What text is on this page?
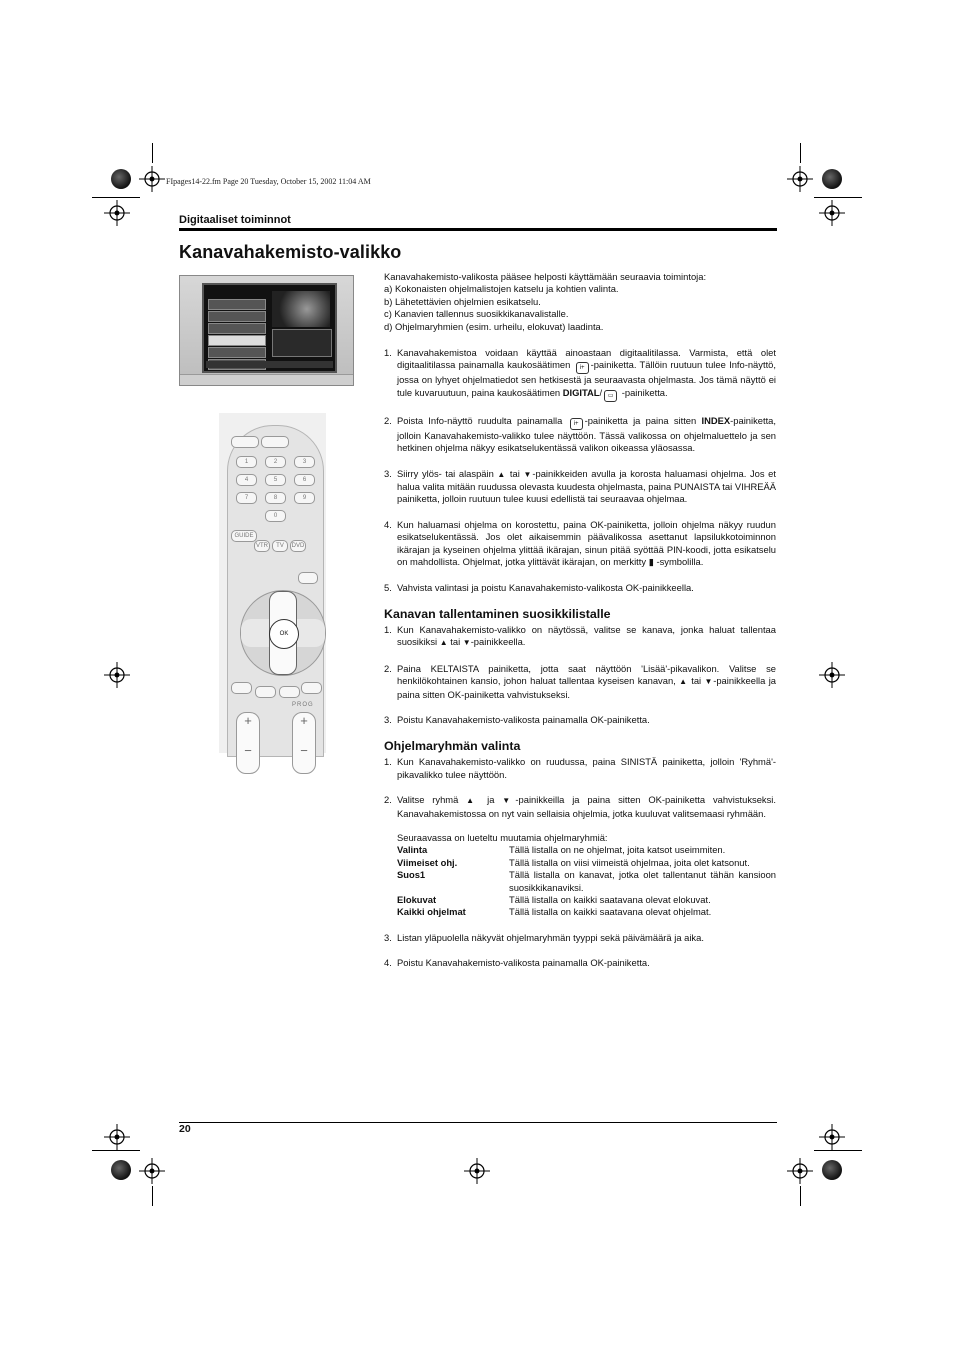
FIpages14-22.fm Page 20 Tuesday, October 15, 2002 11:04 AM
Digitaaliset toiminnot
Kanavahakemisto-valikko
1	2	3
4	5	6
7	8	9
0
GUIDE
VTR	TV	DVD
OK
PROG
+

−
+

−

Kanavahakemisto-valikosta pääsee helposti käyttämään seuraavia toimintoja:

a) Kokonaisten ohjelmalistojen katselu ja kohtien valinta.

b) Lähetettävien ohjelmien esikatselu.

c) Kanavien tallennus suosikkikanavalistalle.

d) Ohjelmaryhmien (esim. urheilu, elokuvat) laadinta.

1. Kanavahakemistoa voidaan käyttää ainoastaan digitaalitilassa. Varmista, että olet digitaalitilassa painamalla kaukosäätimen i+ -painiketta. Tällöin ruutuun tulee Info-näyttö, jossa on lyhyet ohjelmatiedot sen hetkisestä ja seuraavasta ohjelmasta. Jos tämä näyttö ei tule kuvaruutuun, paina kaukosäätimen DIGITAL/ ▭ -painiketta.
2. Poista Info-näyttö ruudulta painamalla i+ -painiketta ja paina sitten INDEX-painiketta, jolloin Kanavahakemisto-valikko tulee näyttöön. Tässä valikossa on ohjelmaluettelo ja sen hetkinen ohjelma näkyy esikatselukentässä valikon oikeassa yläosassa.
3. Siirry ylös- tai alaspäin ▲ tai ▼-painikkeiden avulla ja korosta haluamasi ohjelma. Jos et halua valita mitään ruudussa olevasta kuudesta ohjelmasta, paina PUNAISTA tai VIHREÄÄ painiketta, jolloin ruutuun tulee kuusi edellistä tai seuraavaa ohjelmaa.
4. Kun haluamasi ohjelma on korostettu, paina OK-painiketta, jolloin ohjelma näkyy ruudun esikatselukentässä. Jos olet aikaisemmin päävalikossa asettanut lapsilukkotoiminnon ikärajan ja kyseinen ohjelma ylittää ikärajan, sinun pitää syöttää PIN-koodi, jotta esikatselu on mahdollista. Ohjelmat, jotka ylittävät ikärajan, on merkitty ▮ -symbolilla.
5. Vahvista valintasi ja poistu Kanavahakemisto-valikosta OK-painikkeella.
Kanavan tallentaminen suosikkilistalle
1. Kun Kanavahakemisto-valikko on näytössä, valitse se kanava, jonka haluat tallentaa suosikiksi ▲ tai ▼-painikkeella.
2. Paina KELTAISTA painiketta, jotta saat näyttöön 'Lisää'-pikavalikon. Valitse se henkilökohtainen kansio, johon haluat tallentaa kyseisen kanavan, ▲ tai ▼-painikkeella ja paina sitten OK-painiketta vahvistukseksi.
3. Poistu Kanavahakemisto-valikosta painamalla OK-painiketta.
Ohjelmaryhmän valinta
1. Kun Kanavahakemisto-valikko on ruudussa, paina SINISTÄ painiketta, jolloin 'Ryhmä'-pikavalikko tulee näyttöön.
2. Valitse ryhmä ▲ ja ▼-painikkeilla ja paina sitten OK-painiketta vahvistukseksi. Kanavahakemistossa on nyt vain sellaisia ohjelmia, jotka kuuluvat valitsemaasi ryhmään.
Seuraavassa on lueteltu muutamia ohjelmaryhmiä:
Valinta	Tällä listalla on ne ohjelmat, joita katsot useimmiten.
Viimeiset ohj.	Tällä listalla on viisi viimeistä ohjelmaa, joita olet katsonut.
Suos1	Tällä listalla on kanavat, jotka olet tallentanut tähän kansioon suosikkikanaviksi.
Elokuvat	Tällä listalla on kaikki saatavana olevat elokuvat.
Kaikki ohjelmat	Tällä listalla on kaikki saatavana olevat ohjelmat.
3. Listan yläpuolella näkyvät ohjelmaryhmän tyyppi sekä päivämäärä ja aika.
4. Poistu Kanavahakemisto-valikosta painamalla OK-painiketta.
20
